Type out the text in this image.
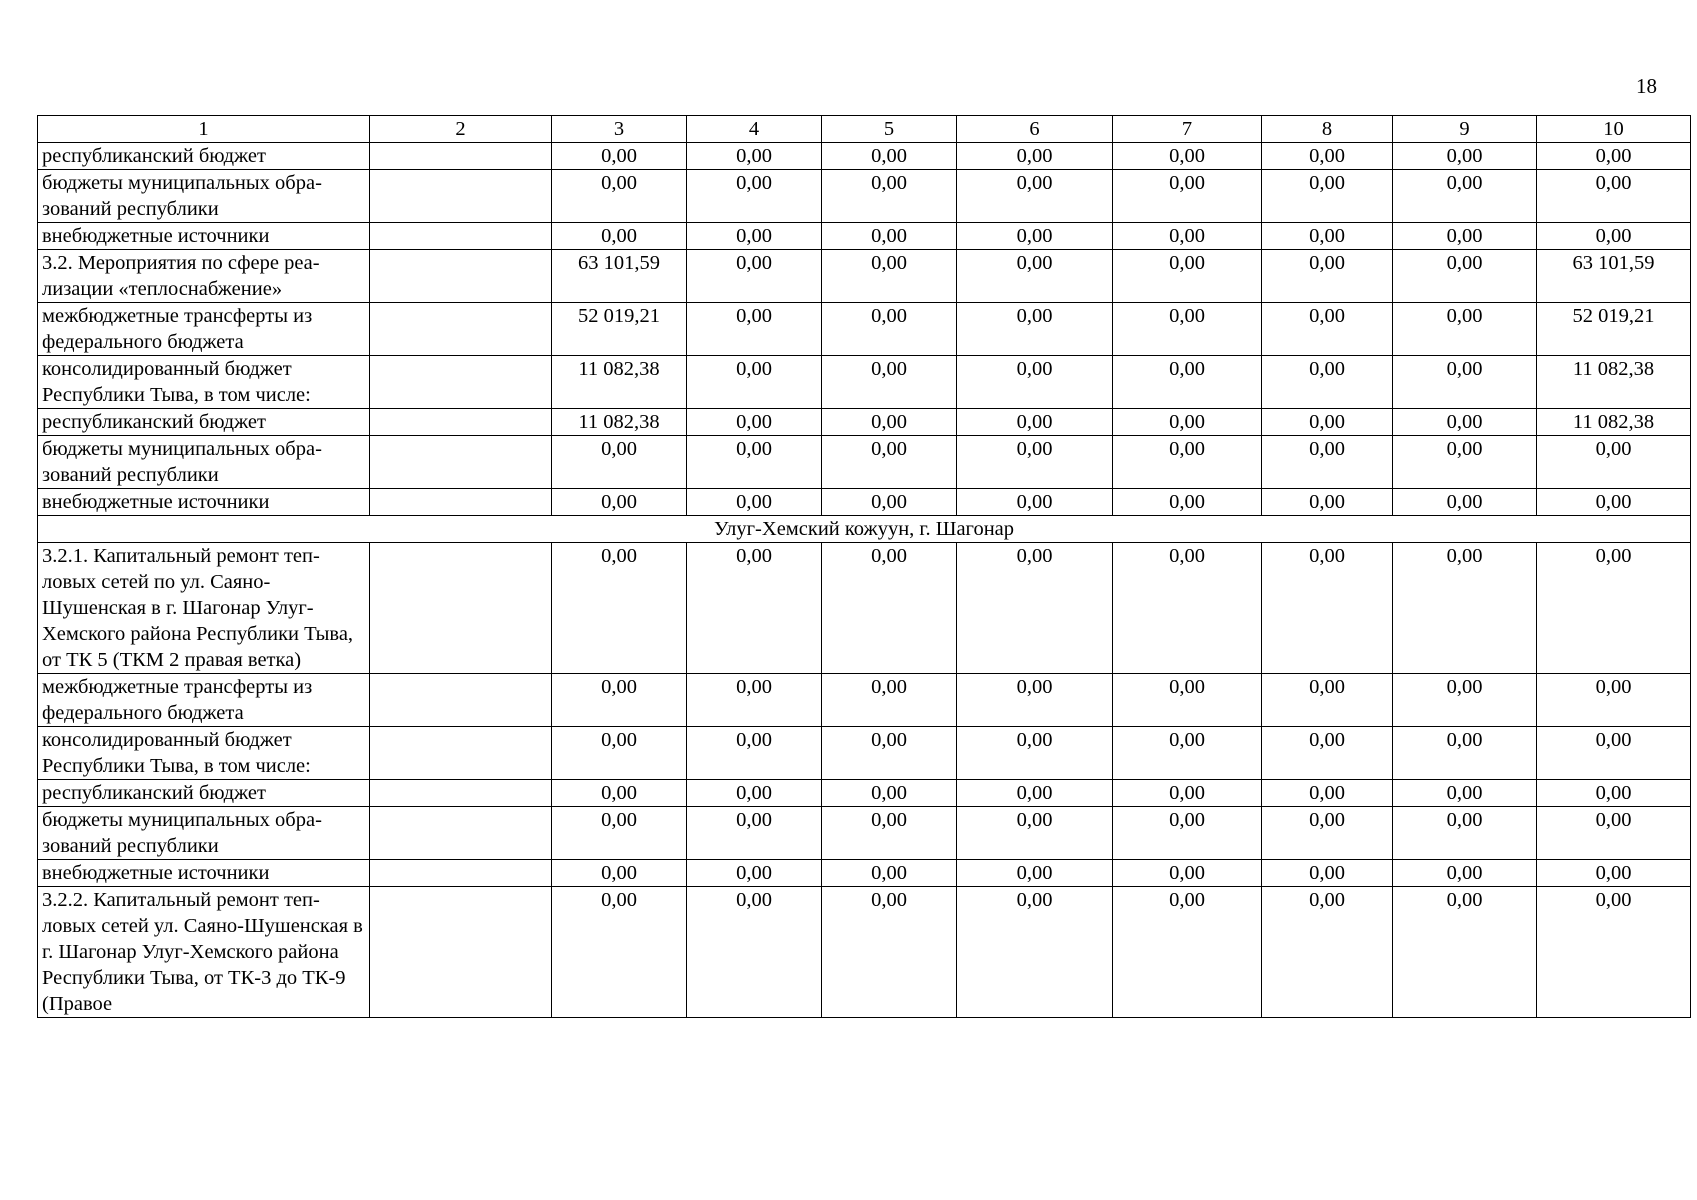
18
1	2	3	4	5	6	7	8	9	10
республиканский бюджет		0,00	0,00	0,00	0,00	0,00	0,00	0,00	0,00
бюджеты муниципальных обра-зований республики		0,00	0,00	0,00	0,00	0,00	0,00	0,00	0,00
внебюджетные источники		0,00	0,00	0,00	0,00	0,00	0,00	0,00	0,00
3.2. Мероприятия по сфере реа-лизации «теплоснабжение»		63 101,59	0,00	0,00	0,00	0,00	0,00	0,00	63 101,59
межбюджетные трансферты из федерального бюджета		52 019,21	0,00	0,00	0,00	0,00	0,00	0,00	52 019,21
консолидированный бюджет Республики Тыва, в том числе:		11 082,38	0,00	0,00	0,00	0,00	0,00	0,00	11 082,38
республиканский бюджет		11 082,38	0,00	0,00	0,00	0,00	0,00	0,00	11 082,38
бюджеты муниципальных обра-зований республики		0,00	0,00	0,00	0,00	0,00	0,00	0,00	0,00
внебюджетные источники		0,00	0,00	0,00	0,00	0,00	0,00	0,00	0,00
Улуг-Хемский кожуун, г. Шагонар									
3.2.1. Капитальный ремонт теп-ловых сетей по ул. Саяно-Шушенская в г. Шагонар Улуг-Хемского района Республики Тыва, от ТК 5 (ТКМ 2 правая ветка)		0,00	0,00	0,00	0,00	0,00	0,00	0,00	0,00
межбюджетные трансферты из федерального бюджета		0,00	0,00	0,00	0,00	0,00	0,00	0,00	0,00
консолидированный бюджет Республики Тыва, в том числе:		0,00	0,00	0,00	0,00	0,00	0,00	0,00	0,00
республиканский бюджет		0,00	0,00	0,00	0,00	0,00	0,00	0,00	0,00
бюджеты муниципальных обра-зований республики		0,00	0,00	0,00	0,00	0,00	0,00	0,00	0,00
внебюджетные источники		0,00	0,00	0,00	0,00	0,00	0,00	0,00	0,00
3.2.2. Капитальный ремонт теп-ловых сетей ул. Саяно-Шушенская в г. Шагонар Улуг-Хемского района Республики Тыва, от ТК-3 до ТК-9 (Правое		0,00	0,00	0,00	0,00	0,00	0,00	0,00	0,00
